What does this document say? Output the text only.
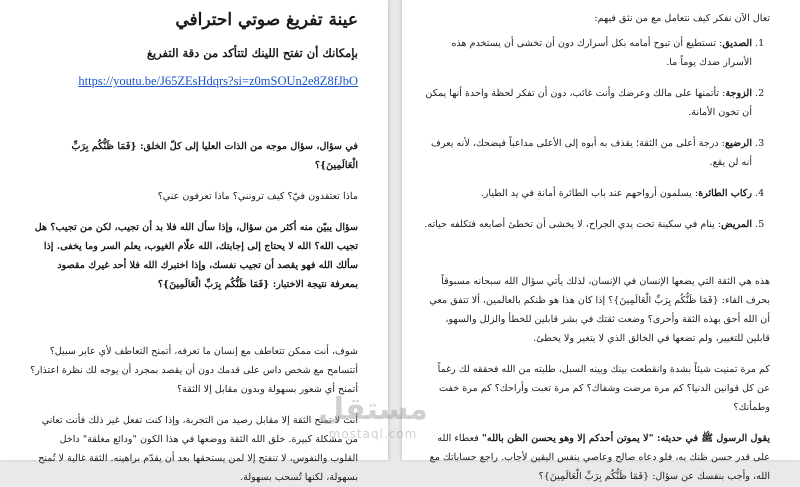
عينة تفريغ صوتي احترافي

بإمكانك أن تفتح اللينك لتتأكد من دقة التفريغ

https://youtu.be/J65ZEsHdqrs?si=z0mSOUn2e8Z8fJbO

في سؤال، سؤال موجه من الذات العليا إلى كلّ الخلق: {فَمَا ظَنُّكُم بِرَبِّ الْعَالَمِينَ}؟

ماذا تعتقدون فيّ؟ كيف ترونني؟ ماذا تعرفون عني؟

سؤال يبيّن منه أكثر من سؤال، وإذا سأل الله فلا بد أن تجيب، لكن من تجيب؟ هل تجيب الله؟ الله لا يحتاج إلى إجابتك، الله علّام الغيوب، يعلم السر وما يخفى. إذا سألك الله فهو يقصد أن تجيب نفسك، وإذا اختبرك الله فلا أحد غيرك مقصود بمعرفة نتيجة الاختبار: {فَمَا ظَنُّكُم بِرَبِّ الْعَالَمِينَ}؟

شوف، أنت ممكن تتعاطف مع إنسان ما تعرفه، أتمنح التعاطف لأي عابر سبيل؟ أتتسامح مع شخص داس على قدمك دون أن يقصد بمجرد أن يوجه لك نظرة اعتذار؟ أتمنح أي شعور بسهولة وبدون مقابل إلا الثقة؟

أنت لا تمنح الثقة إلا مقابل رصيد من التجربة، وإذا كنت تفعل غير ذلك فأنت تعاني من مشكلة كبيرة. خلق الله الثقة ووضعها في هذا الكون "ودائع مغلقة" داخل القلوب والنفوس، لا تنفتح إلا لمن يستحقها بعد أن يقدّم براهينه. الثقة غالية لا تُمنح بسهولة، لكنها تُسحب بسهولة.

تعال الآن نفكر كيف نتعامل مع من نثق فيهم:

1. الصديق: تستطيع أن تبوح أمامه بكل أسرارك دون أن تخشى أن يستخدم هذه الأسرار ضدك يوماً ما.
2. الزوجة: تأتمنها على مالك وعرضك وأنت غائب، دون أن تفكر لحظة واحدة أنها يمكن أن تخون الأمانة.
3. الرضيع: درجة أعلى من الثقة؛ يقذف به أبوه إلى الأعلى مداعباً فيضحك، لأنه يعرف أنه لن يقع.
4. ركاب الطائرة: يسلمون أرواحهم عند باب الطائرة أمانة في يد الطيار.
5. المريض: ينام في سكينة تحت يدي الجراح، لا يخشى أن تخطئ أصابعه فتكلفه حياته.

هذه هي الثقة التي يضعها الإنسان في الإنسان، لذلك يأتي سؤال الله سبحانه مسبوقاً بحرف الفاء: {فَمَا ظَنُّكُم بِرَبِّ الْعَالَمِينَ}؟ إذا كان هذا هو ظنكم بالعالمين، ألا تتفق معي أن الله أحق بهذه الثقة وأحرى؟ وضعت ثقتك في بشر قابلين للخطأ والزلل والسهو، قابلين للتغيير، ولم تضعها في الخالق الذي لا يتغير ولا يخطئ.

كم مرة تمنيت شيئاً بشدة وانقطعت بينك وبينه السبل، طلبته من الله فحققه لك رغماً عن كل قوانين الدنيا؟ كم مرة مرضت وشفاك؟ كم مرة تعبت وأراحك؟ كم مرة خفت وطمأنك؟

يقول الرسول ﷺ في حديثه: "لا يموتن أحدكم إلا وهو يحسن الظن بالله" فعطاء الله على قدر حسن ظنك به، فلو دعاه صالح وعاصي بنفس اليقين لأجاب. راجع حساباتك مع الله، وأجب بنفسك عن سؤال: {فَمَا ظَنُّكُم بِرَبِّ الْعَالَمِينَ}؟

مستقل
mostaql.com
